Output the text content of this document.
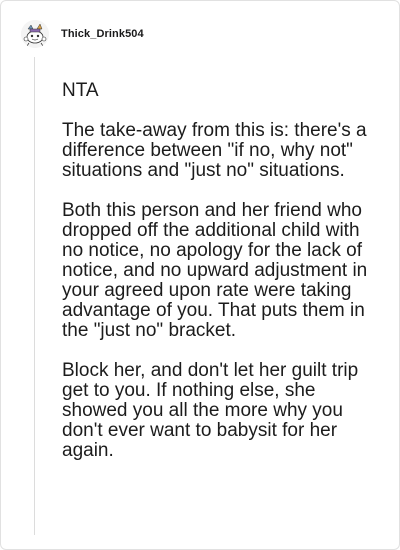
Thick_Drink504

NTA

The take-away from this is: there's a difference between "if no, why not" situations and "just no" situations.

Both this person and her friend who dropped off the additional child with no notice, no apology for the lack of notice, and no upward adjustment in your agreed upon rate were taking advantage of you. That puts them in the "just no" bracket.

Block her, and don't let her guilt trip get to you. If nothing else, she showed you all the more why you don't ever want to babysit for her again.
